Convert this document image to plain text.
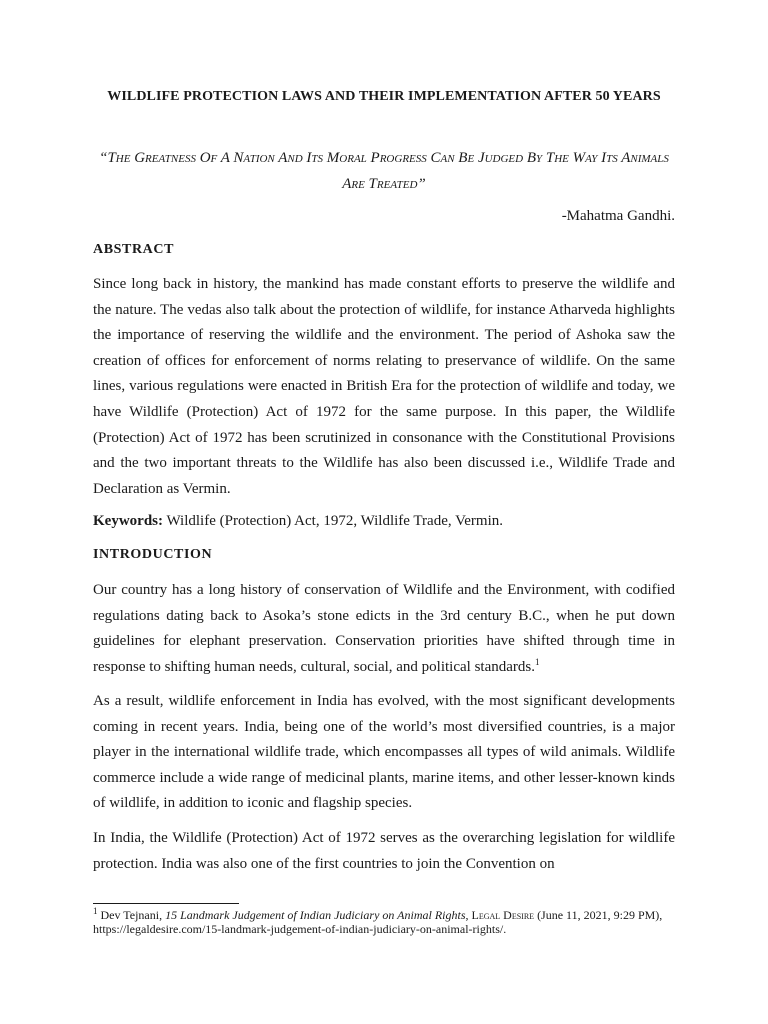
WILDLIFE PROTECTION LAWS AND THEIR IMPLEMENTATION AFTER 50 YEARS
“The Greatness Of A Nation And Its Moral Progress Can Be Judged By The Way Its Animals Are Treated”
-Mahatma Gandhi.
ABSTRACT
Since long back in history, the mankind has made constant efforts to preserve the wildlife and the nature. The vedas also talk about the protection of wildlife, for instance Atharveda highlights the importance of reserving the wildlife and the environment. The period of Ashoka saw the creation of offices for enforcement of norms relating to preservance of wildlife. On the same lines, various regulations were enacted in British Era for the protection of wildlife and today, we have Wildlife (Protection) Act of 1972 for the same purpose. In this paper, the Wildlife (Protection) Act of 1972 has been scrutinized in consonance with the Constitutional Provisions and the two important threats to the Wildlife has also been discussed i.e., Wildlife Trade and Declaration as Vermin.
Keywords: Wildlife (Protection) Act, 1972, Wildlife Trade, Vermin.
INTRODUCTION
Our country has a long history of conservation of Wildlife and the Environment, with codified regulations dating back to Asoka’s stone edicts in the 3rd century B.C., when he put down guidelines for elephant preservation. Conservation priorities have shifted through time in response to shifting human needs, cultural, social, and political standards.$^1$
As a result, wildlife enforcement in India has evolved, with the most significant developments coming in recent years. India, being one of the world’s most diversified countries, is a major player in the international wildlife trade, which encompasses all types of wild animals. Wildlife commerce include a wide range of medicinal plants, marine items, and other lesser-known kinds of wildlife, in addition to iconic and flagship species.
In India, the Wildlife (Protection) Act of 1972 serves as the overarching legislation for wildlife protection. India was also one of the first countries to join the Convention on
$^1$ Dev Tejnani, 15 Landmark Judgement of Indian Judiciary on Animal Rights, Legal Desire (June 11, 2021, 9:29 PM), https://legaldesire.com/15-landmark-judgement-of-indian-judiciary-on-animal-rights/.
